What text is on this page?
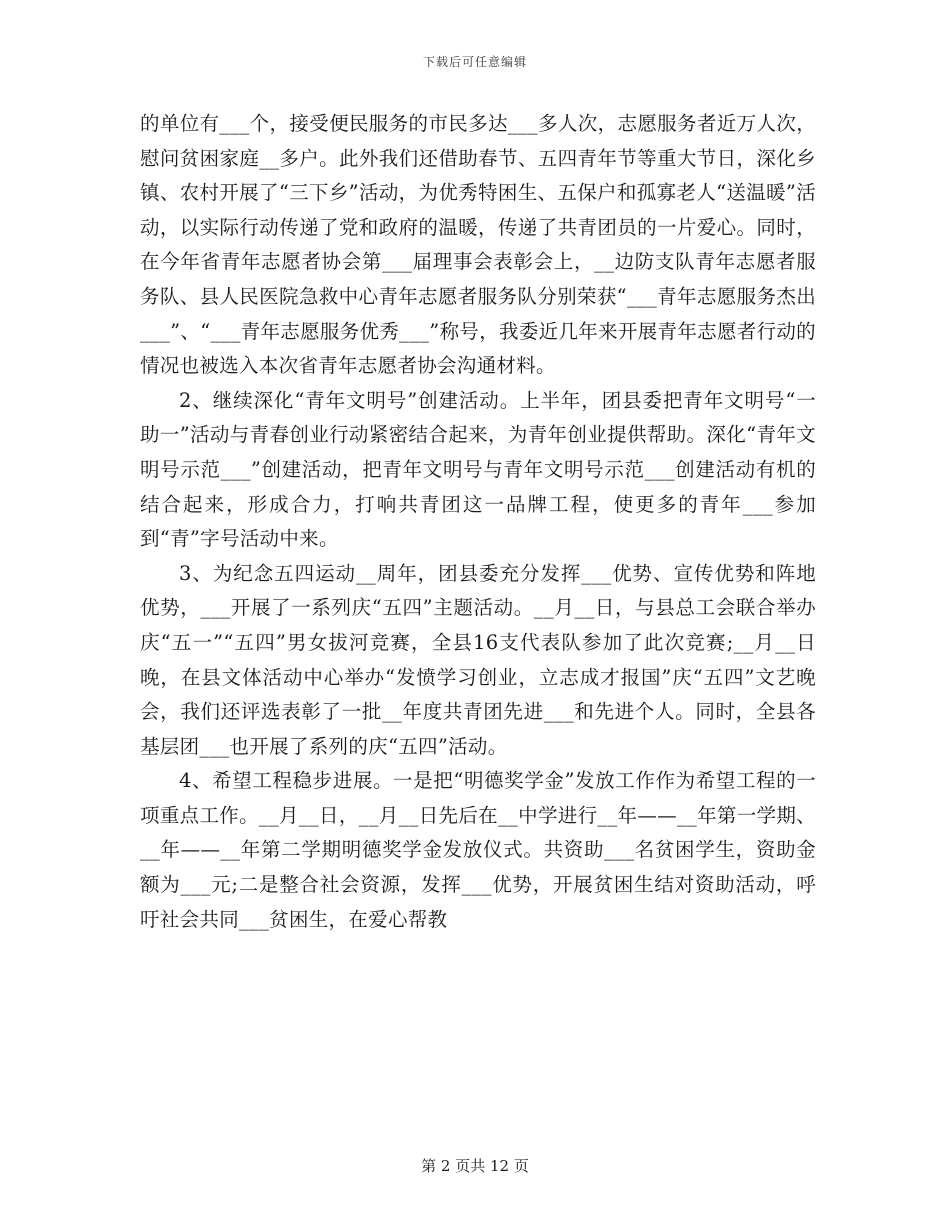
下载后可任意编辑

的单位有___个，接受便民服务的市民多达___多人次，志愿服务者近万人次，慰问贫困家庭__多户。此外我们还借助春节、五四青年节等重大节日，深化乡镇、农村开展了“三下乡”活动，为优秀特困生、五保户和孤寡老人“送温暖”活动，以实际行动传递了党和政府的温暖，传递了共青团员的一片爱心。同时，在今年省青年志愿者协会第___届理事会表彰会上，__边防支队青年志愿者服务队、县人民医院急救中心青年志愿者服务队分别荣获“___青年志愿服务杰出___”、“___青年志愿服务优秀___”称号，我委近几年来开展青年志愿者行动的情况也被选入本次省青年志愿者协会沟通材料。

2、继续深化“青年文明号”创建活动。上半年，团县委把青年文明号“一助一”活动与青春创业行动紧密结合起来，为青年创业提供帮助。深化“青年文明号示范___”创建活动，把青年文明号与青年文明号示范___创建活动有机的结合起来，形成合力，打响共青团这一品牌工程，使更多的青年___参加到“青”字号活动中来。

3、为纪念五四运动__周年，团县委充分发挥___优势、宣传优势和阵地优势，___开展了一系列庆“五四”主题活动。__月__日，与县总工会联合举办庆“五一”“五四”男女拔河竞赛，全县16支代表队参加了此次竞赛;__月__日晚，在县文体活动中心举办“发愤学习创业，立志成才报国”庆“五四”文艺晚会，我们还评选表彰了一批__年度共青团先进___和先进个人。同时，全县各基层团___也开展了系列的庆“五四”活动。

4、希望工程稳步进展。一是把“明德奖学金”发放工作作为希望工程的一项重点工作。__月__日，__月__日先后在__中学进行__年——__年第一学期、__年——__年第二学期明德奖学金发放仪式。共资助___名贫困学生，资助金额为___元;二是整合社会资源，发挥___优势，开展贫困生结对资助活动，呼吁社会共同___贫困生，在爱心帮教

第 2 页共 12 页
